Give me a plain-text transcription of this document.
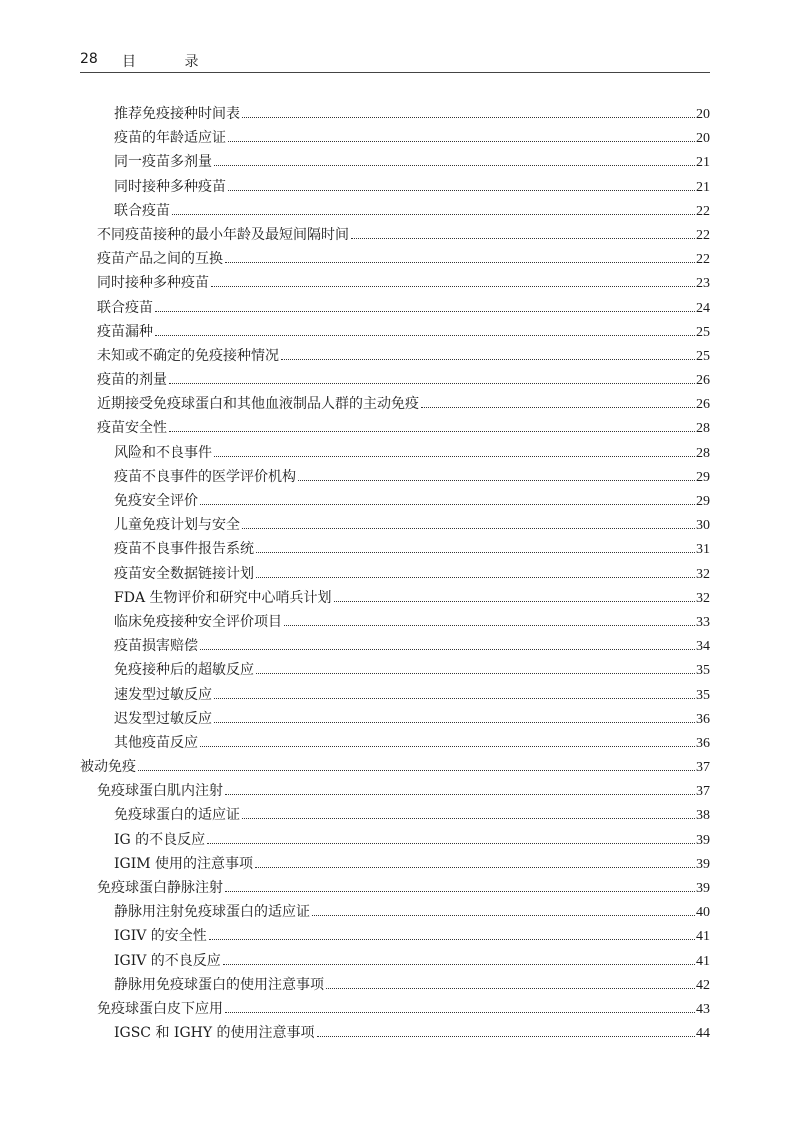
28 目 录
推荐免疫接种时间表	20
疫苗的年龄适应证	20
同一疫苗多剂量	21
同时接种多种疫苗	21
联合疫苗	22
不同疫苗接种的最小年龄及最短间隔时间	22
疫苗产品之间的互换	22
同时接种多种疫苗	23
联合疫苗	24
疫苗漏种	25
未知或不确定的免疫接种情况	25
疫苗的剂量	26
近期接受免疫球蛋白和其他血液制品人群的主动免疫	26
疫苗安全性	28
风险和不良事件	28
疫苗不良事件的医学评价机构	29
免疫安全评价	29
儿童免疫计划与安全	30
疫苗不良事件报告系统	31
疫苗安全数据链接计划	32
FDA 生物评价和研究中心哨兵计划	32
临床免疫接种安全评价项目	33
疫苗损害赔偿	34
免疫接种后的超敏反应	35
速发型过敏反应	35
迟发型过敏反应	36
其他疫苗反应	36
被动免疫	37
免疫球蛋白肌内注射	37
免疫球蛋白的适应证	38
IG 的不良反应	39
IGIM 使用的注意事项	39
免疫球蛋白静脉注射	39
静脉用注射免疫球蛋白的适应证	40
IGIV 的安全性	41
IGIV 的不良反应	41
静脉用免疫球蛋白的使用注意事项	42
免疫球蛋白皮下应用	43
IGSC 和 IGHY 的使用注意事项	44
